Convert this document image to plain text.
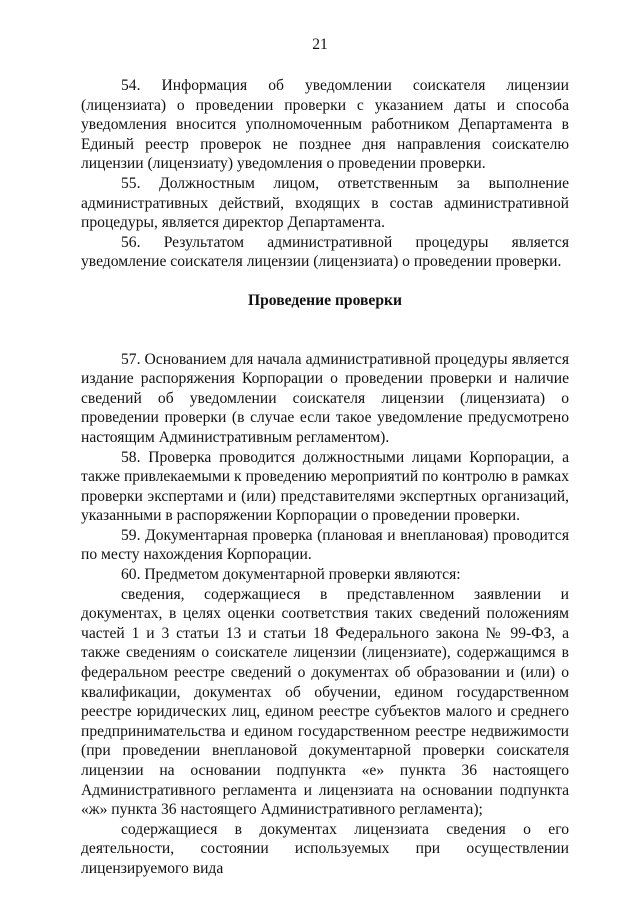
21

54. Информация об уведомлении соискателя лицензии (лицензиата) о проведении проверки с указанием даты и способа уведомления вносится уполномоченным работником Департамента в Единый реестр проверок не позднее дня направления соискателю лицензии (лицензиату) уведомления о проведении проверки.

55. Должностным лицом, ответственным за выполнение административных действий, входящих в состав административной процедуры, является директор Департамента.

56. Результатом административной процедуры является уведомление соискателя лицензии (лицензиата) о проведении проверки.

Проведение проверки

57. Основанием для начала административной процедуры является издание распоряжения Корпорации о проведении проверки и наличие сведений об уведомлении соискателя лицензии (лицензиата) о проведении проверки (в случае если такое уведомление предусмотрено настоящим Административным регламентом).

58. Проверка проводится должностными лицами Корпорации, а также привлекаемыми к проведению мероприятий по контролю в рамках проверки экспертами и (или) представителями экспертных организаций, указанными в распоряжении Корпорации о проведении проверки.

59. Документарная проверка (плановая и внеплановая) проводится по месту нахождения Корпорации.

60. Предметом документарной проверки являются:

сведения, содержащиеся в представленном заявлении и документах, в целях оценки соответствия таких сведений положениям частей 1 и 3 статьи 13 и статьи 18 Федерального закона № 99-ФЗ, а также сведениям о соискателе лицензии (лицензиате), содержащимся в федеральном реестре сведений о документах об образовании и (или) о квалификации, документах об обучении, едином государственном реестре юридических лиц, едином реестре субъектов малого и среднего предпринимательства и едином государственном реестре недвижимости (при проведении внеплановой документарной проверки соискателя лицензии на основании подпункта «е» пункта 36 настоящего Административного регламента и лицензиата на основании подпункта «ж» пункта 36 настоящего Административного регламента);

содержащиеся в документах лицензиата сведения о его деятельности, состоянии используемых при осуществлении лицензируемого вида
